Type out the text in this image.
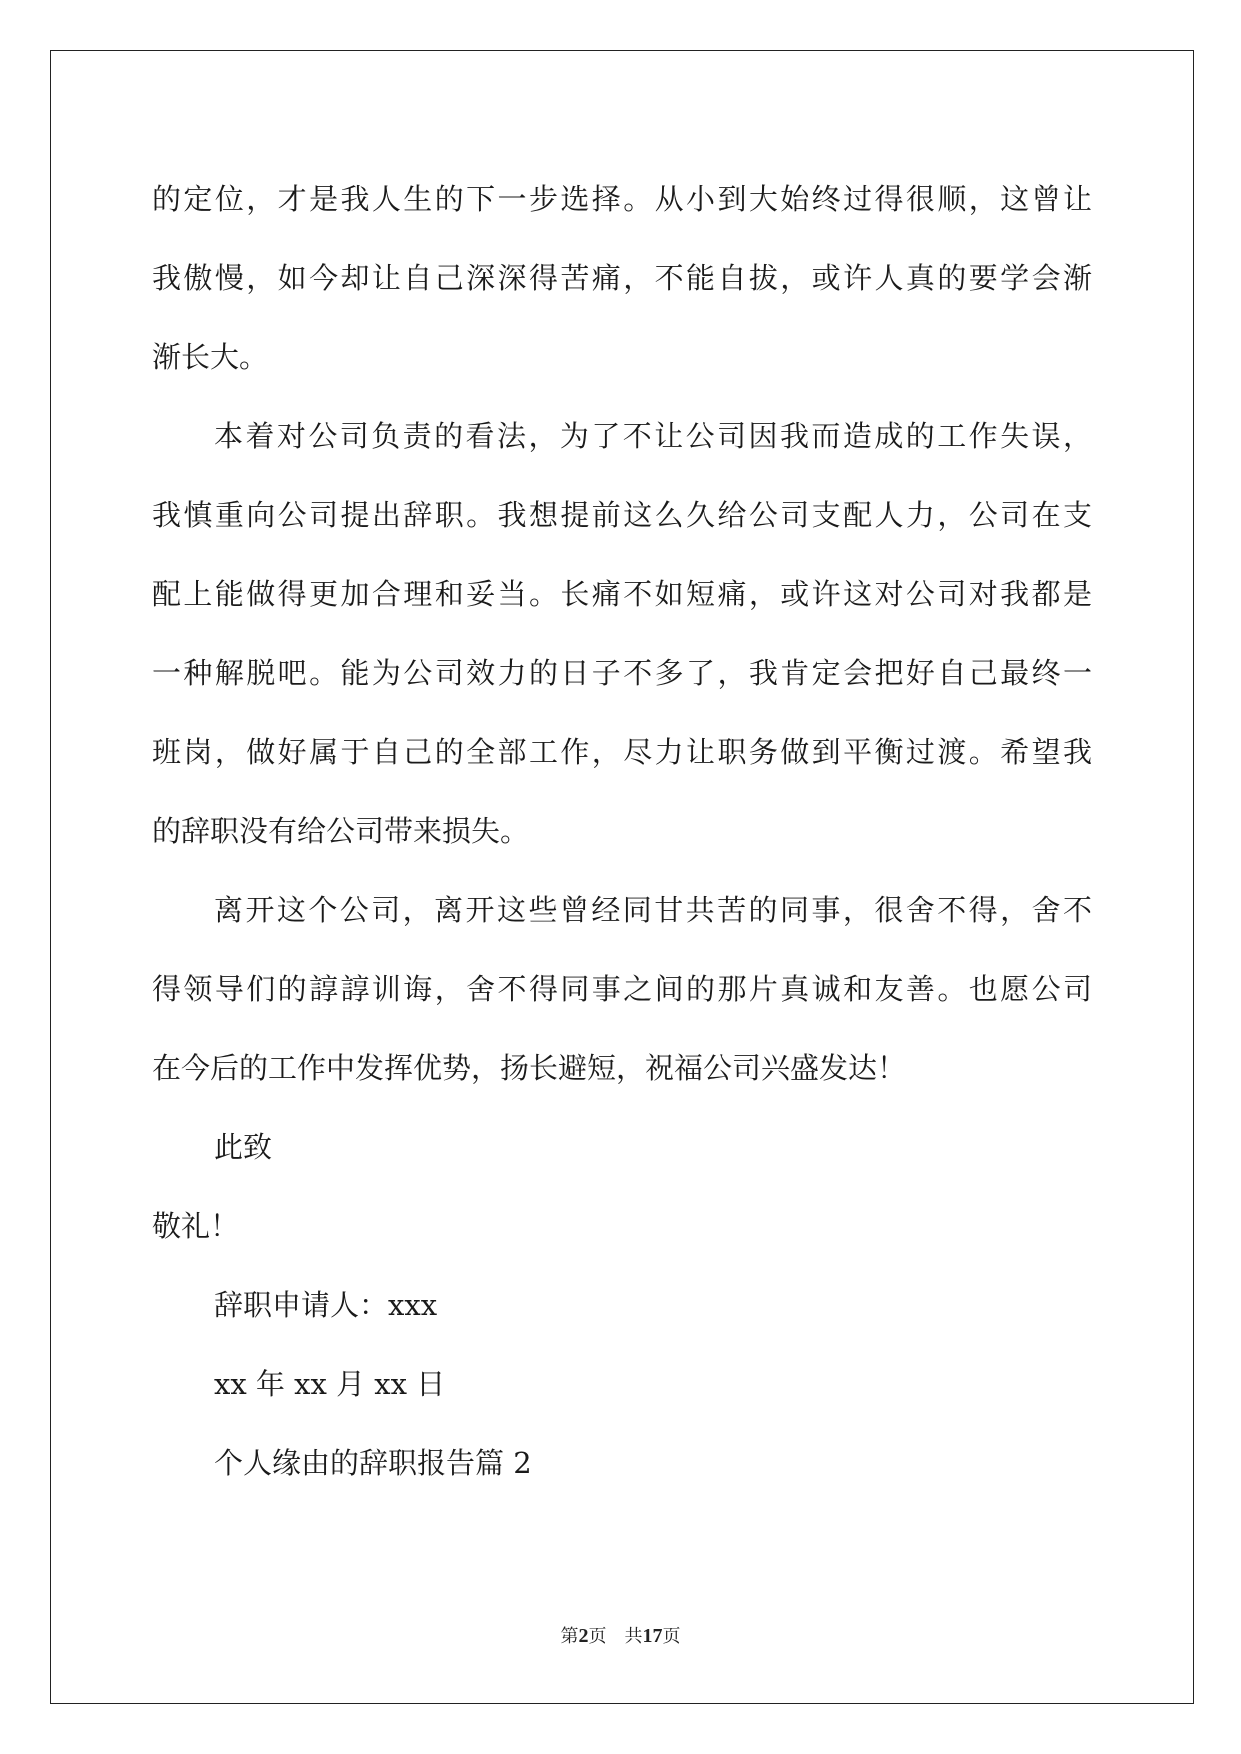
的定位，才是我人生的下一步选择。从小到大始终过得很顺，这曾让
我傲慢，如今却让自己深深得苦痛，不能自拔，或许人真的要学会渐
渐长大。
本着对公司负责的看法，为了不让公司因我而造成的工作失误，
我慎重向公司提出辞职。我想提前这么久给公司支配人力，公司在支
配上能做得更加合理和妥当。长痛不如短痛，或许这对公司对我都是
一种解脱吧。能为公司效力的日子不多了，我肯定会把好自己最终一
班岗，做好属于自己的全部工作，尽力让职务做到平衡过渡。希望我
的辞职没有给公司带来损失。
离开这个公司，离开这些曾经同甘共苦的同事，很舍不得，舍不
得领导们的諄諄训诲，舍不得同事之间的那片真诚和友善。也愿公司
在今后的工作中发挥优势，扬长避短，祝福公司兴盛发达！
此致
敬礼！
辞职申请人：xxx
xx 年 xx 月 xx 日
个人缘由的辞职报告篇 2
第2页　共17页
